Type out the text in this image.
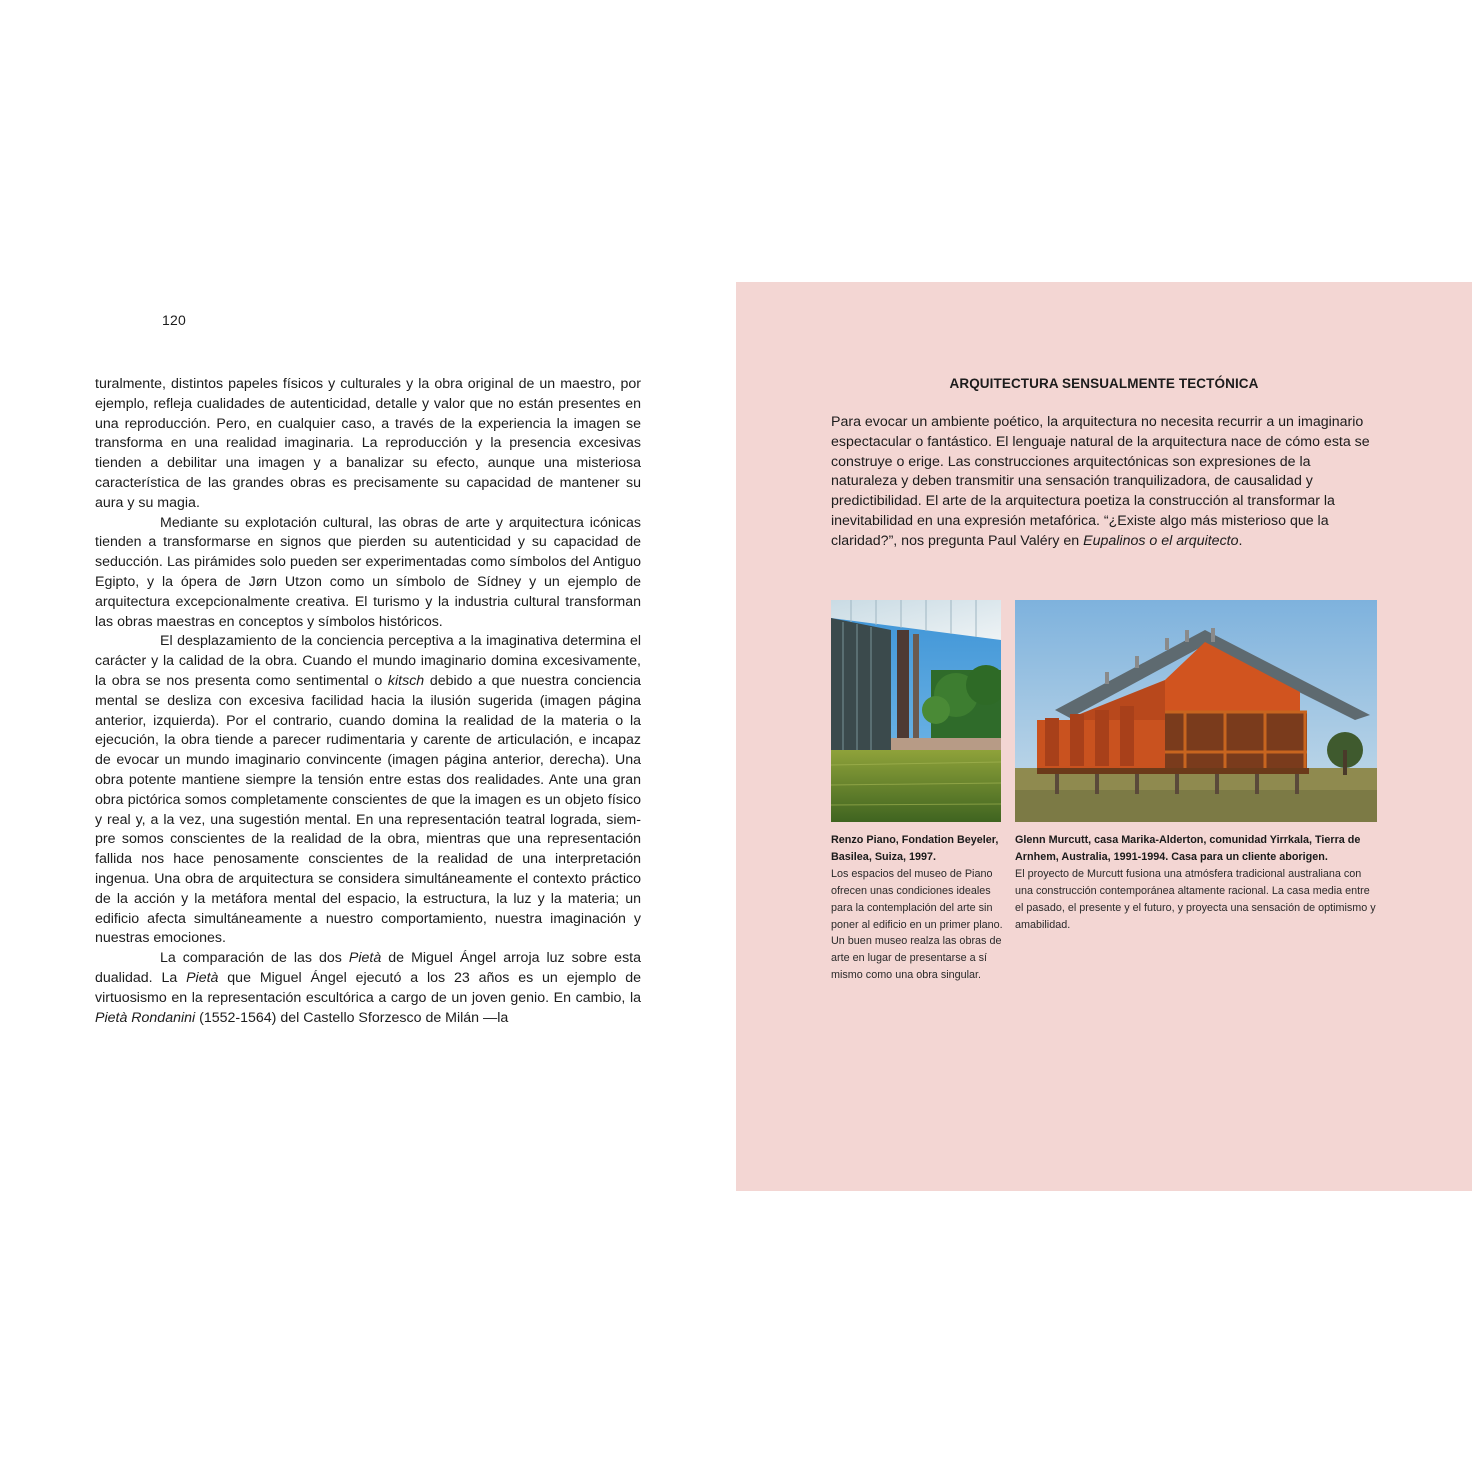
120

turalmente, distintos papeles físicos y culturales y la obra original de un maestro, por ejemplo, refleja cualidades de autenticidad, detalle y valor que no están presentes en una reproducción. Pero, en cualquier caso, a través de la experiencia la imagen se transforma en una realidad imaginaria. La reproducción y la presencia excesivas tienden a debilitar una imagen y a banalizar su efecto, aunque una misteriosa característica de las grandes obras es precisamente su capacidad de mantener su aura y su magia.

Mediante su explotación cultural, las obras de arte y arquitectura icónicas tienden a transformarse en signos que pierden su autenticidad y su capacidad de seducción. Las pirámides solo pueden ser experimentadas como símbolos del Antiguo Egipto, y la ópera de Jørn Utzon como un símbolo de Sídney y un ejemplo de arquitectura excepcionalmente creativa. El turismo y la industria cultural transforman las obras maestras en conceptos y símbolos históricos.

El desplazamiento de la conciencia perceptiva a la imaginativa determina el carácter y la calidad de la obra. Cuando el mundo imaginario domina excesivamente, la obra se nos presenta como sentimental o kitsch debido a que nuestra conciencia mental se desliza con excesiva facilidad hacia la ilusión sugerida (imagen página anterior, izquierda). Por el contrario, cuando domina la realidad de la materia o la ejecución, la obra tiende a parecer rudimentaria y carente de articulación, e incapaz de evocar un mundo imaginario convincente (imagen página anterior, derecha). Una obra potente mantiene siempre la tensión entre estas dos realidades. Ante una gran obra pictórica somos completamente conscientes de que la imagen es un objeto físico y real y, a la vez, una sugestión mental. En una representación teatral lograda, siempre somos conscientes de la realidad de la obra, mientras que una representación fallida nos hace penosamente conscientes de la realidad de una interpretación ingenua. Una obra de arquitectura se considera simultáneamente el contexto práctico de la acción y la metáfora mental del espacio, la estructura, la luz y la materia; un edificio afecta simultáneamente a nuestro comportamiento, nuestra imaginación y nuestras emociones.

La comparación de las dos Pietà de Miguel Ángel arroja luz sobre esta dualidad. La Pietà que Miguel Ángel ejecutó a los 23 años es un ejemplo de virtuosismo en la representación escultórica a cargo de un joven genio. En cambio, la Pietà Rondanini (1552-1564) del Castello Sforzesco de Milán —la

ARQUITECTURA SENSUALMENTE TECTÓNICA

Para evocar un ambiente poético, la arquitectura no necesita recurrir a un imaginario espectacular o fantástico. El lenguaje natural de la arquitectura nace de cómo esta se construye o erige. Las construcciones arquitectónicas son expresiones de la naturaleza y deben transmitir una sensación tranquilizadora, de causalidad y predictibilidad. El arte de la arquitectura poetiza la construcción al transformar la inevitabilidad en una expresión metafórica. “¿Existe algo más misterioso que la claridad?”, nos pregunta Paul Valéry en Eupalinos o el arquitecto.

Renzo Piano, Fondation Beyeler, Basilea, Suiza, 1997.
Los espacios del museo de Piano ofrecen unas condiciones ideales para la contemplación del arte sin poner al edificio en un primer plano. Un buen museo realza las obras de arte en lugar de presentarse a sí mismo como una obra singular.
Glenn Murcutt, casa Marika-Alderton, comunidad Yirrkala, Tierra de Arnhem, Australia, 1991-1994. Casa para un cliente aborigen.
El proyecto de Murcutt fusiona una atmósfera tradicional australiana con una construcción contemporánea altamente racional. La casa media entre el pasado, el presente y el futuro, y proyecta una sensación de optimismo y amabilidad.
